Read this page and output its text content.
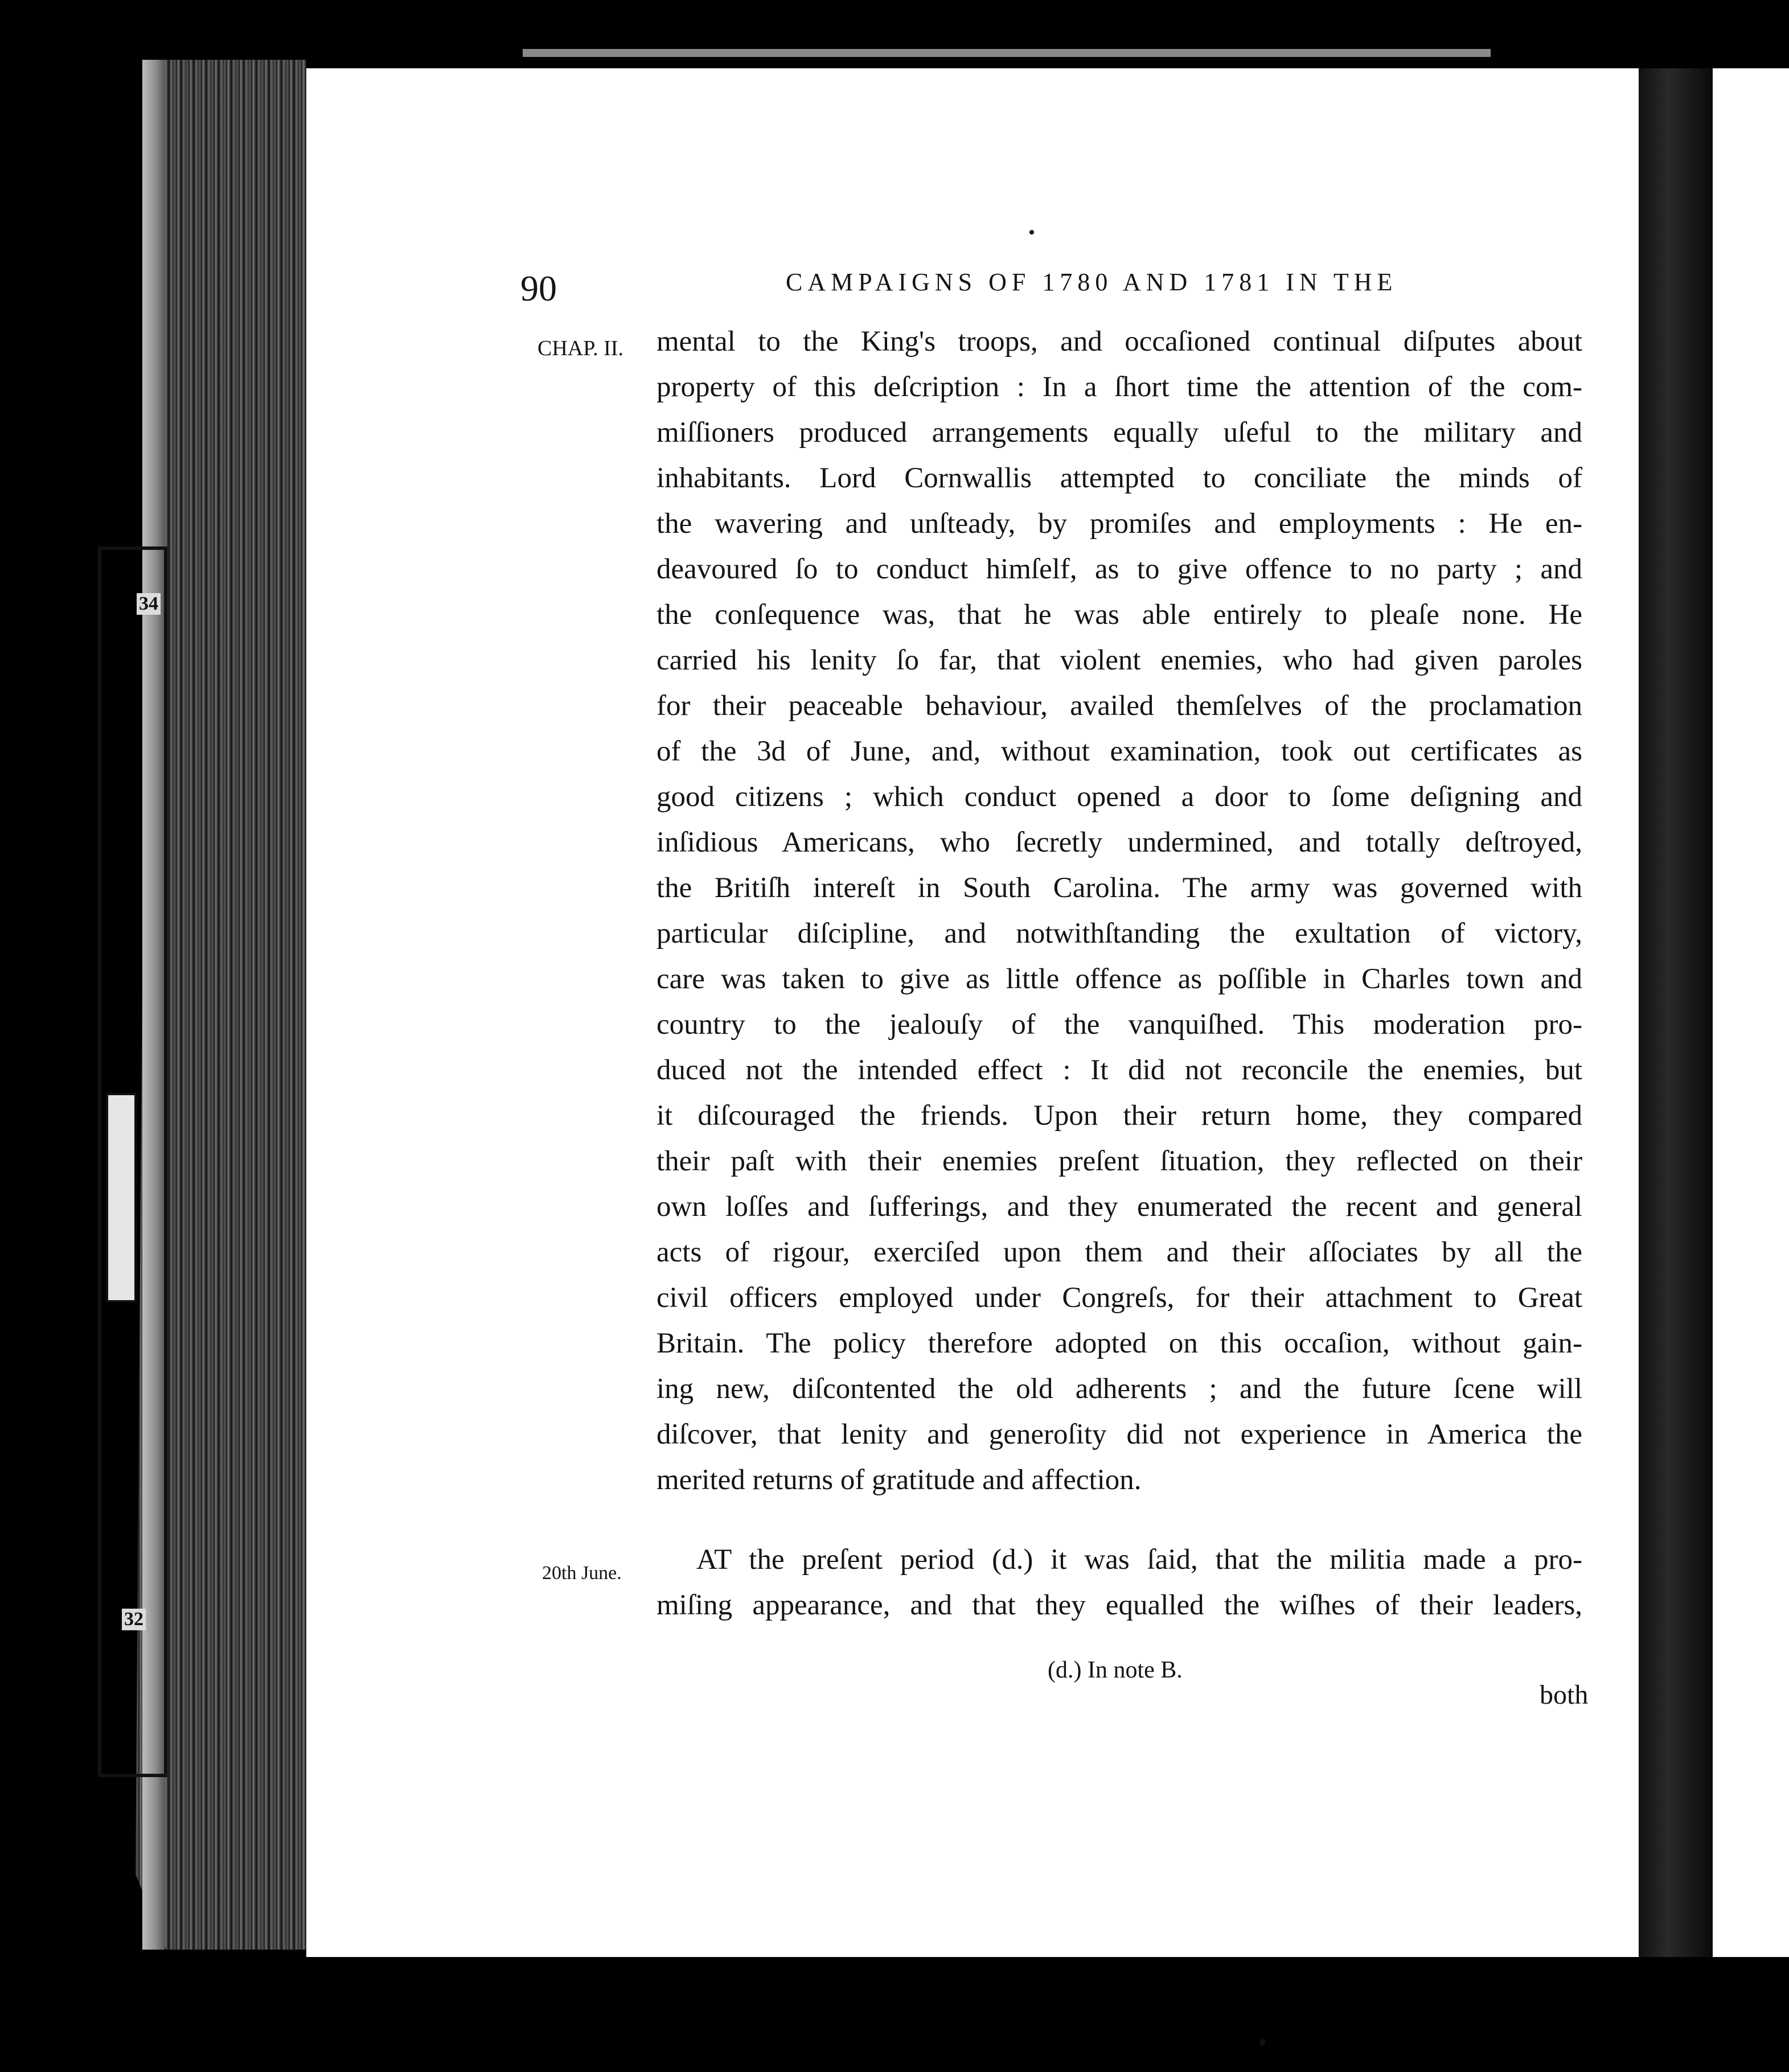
34
32
90	CAMPAIGNS OF 1780 AND 1781 IN THE
CHAP. II.
20th June.
mental to the King's troops, and occaſioned continual diſputes about
property of this deſcription : In a ſhort time the attention of the com-
miſſioners produced arrangements equally uſeful to the military and
inhabitants. Lord Cornwallis attempted to conciliate the minds of
the wavering and unſteady, by promiſes and employments : He en-
deavoured ſo to conduct himſelf, as to give offence to no party ; and
the conſequence was, that he was able entirely to pleaſe none. He
carried his lenity ſo far, that violent enemies, who had given paroles
for their peaceable behaviour, availed themſelves of the proclamation
of the 3d of June, and, without examination, took out certificates as
good citizens ; which conduct opened a door to ſome deſigning and
inſidious Americans, who ſecretly undermined, and totally deſtroyed,
the Britiſh intereſt in South Carolina. The army was governed with
particular diſcipline, and notwithſtanding the exultation of victory,
care was taken to give as little offence as poſſible in Charles town and
country to the jealouſy of the vanquiſhed. This moderation pro-
duced not the intended effect : It did not reconcile the enemies, but
it diſcouraged the friends. Upon their return home, they compared
their paſt with their enemies preſent ſituation, they reflected on their
own loſſes and ſufferings, and they enumerated the recent and general
acts of rigour, exerciſed upon them and their aſſociates by all the
civil officers employed under Congreſs, for their attachment to Great
Britain. The policy therefore adopted on this occaſion, without gain-
ing new, diſcontented the old adherents ; and the future ſcene will
diſcover, that lenity and generoſity did not experience in America the
merited returns of gratitude and affection.
AT the preſent period (d.) it was ſaid, that the militia made a pro-
miſing appearance, and that they equalled the wiſhes of their leaders,
(d.) In note B.
both
